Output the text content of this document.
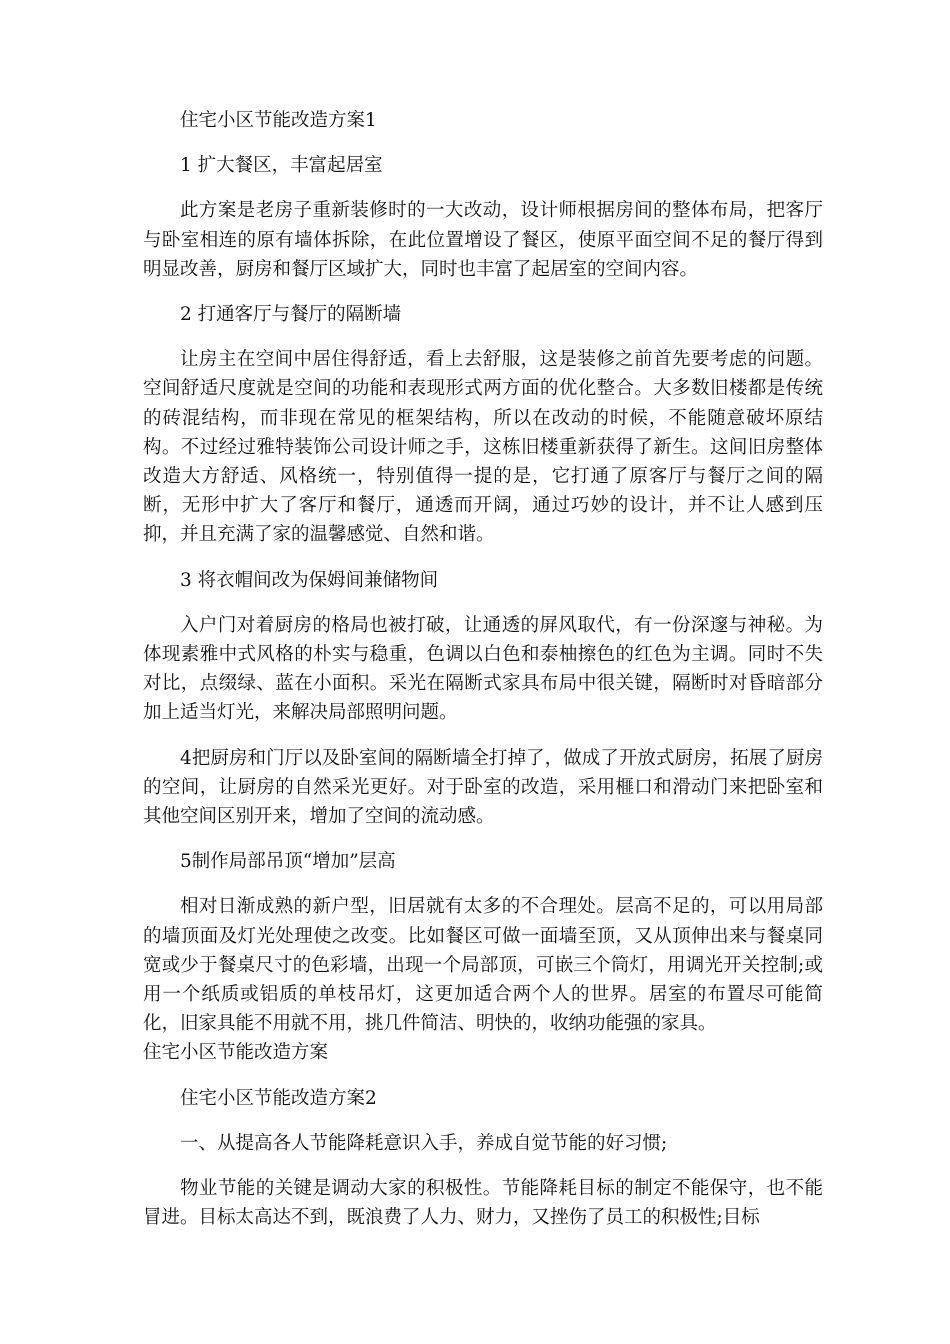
住宅小区节能改造方案1

1 扩大餐区，丰富起居室

此方案是老房子重新装修时的一大改动，设计师根据房间的整体布局，把客厅与卧室相连的原有墙体拆除，在此位置增设了餐区，使原平面空间不足的餐厅得到明显改善，厨房和餐厅区域扩大，同时也丰富了起居室的空间内容。

2 打通客厅与餐厅的隔断墙

让房主在空间中居住得舒适，看上去舒服，这是装修之前首先要考虑的问题。空间舒适尺度就是空间的功能和表现形式两方面的优化整合。大多数旧楼都是传统的砖混结构，而非现在常见的框架结构，所以在改动的时候，不能随意破坏原结构。不过经过雅特装饰公司设计师之手，这栋旧楼重新获得了新生。这间旧房整体改造大方舒适、风格统一，特别值得一提的是，它打通了原客厅与餐厅之间的隔断，无形中扩大了客厅和餐厅，通透而开阔，通过巧妙的设计，并不让人感到压抑，并且充满了家的温馨感觉、自然和谐。

3 将衣帽间改为保姆间兼储物间

入户门对着厨房的格局也被打破，让通透的屏风取代，有一份深邃与神秘。为体现素雅中式风格的朴实与稳重，色调以白色和泰柚擦色的红色为主调。同时不失对比，点缀绿、蓝在小面积。采光在隔断式家具布局中很关键，隔断时对昏暗部分加上适当灯光，来解决局部照明问题。

4把厨房和门厅以及卧室间的隔断墙全打掉了，做成了开放式厨房，拓展了厨房的空间，让厨房的自然采光更好。对于卧室的改造，采用榧口和滑动门来把卧室和其他空间区别开来，增加了空间的流动感。

5制作局部吊顶“增加”层高

相对日渐成熟的新户型，旧居就有太多的不合理处。层高不足的，可以用局部的墙顶面及灯光处理使之改变。比如餐区可做一面墙至顶，又从顶伸出来与餐桌同宽或少于餐桌尺寸的色彩墙，出现一个局部顶，可嵌三个筒灯，用调光开关控制;或用一个纸质或铝质的单枝吊灯，这更加适合两个人的世界。居室的布置尽可能简化，旧家具能不用就不用，挑几件简洁、明快的，收纳功能强的家具。

住宅小区节能改造方案

住宅小区节能改造方案2

一、从提高各人节能降耗意识入手，养成自觉节能的好习惯;

物业节能的关键是调动大家的积极性。节能降耗目标的制定不能保守，也不能冒进。目标太高达不到，既浪费了人力、财力，又挫伤了员工的积极性;目标
